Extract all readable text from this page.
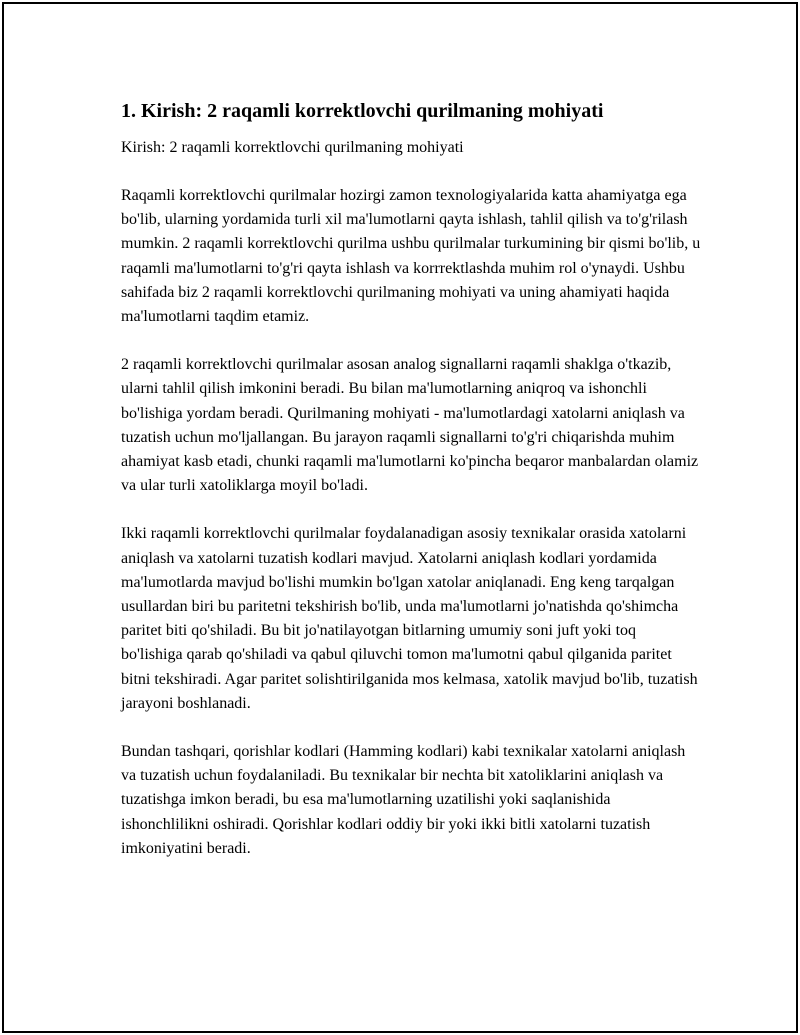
1. Kirish: 2 raqamli korrektlovchi qurilmaning mohiyati

Kirish: 2 raqamli korrektlovchi qurilmaning mohiyati

Raqamli korrektlovchi qurilmalar hozirgi zamon texnologiyalarida katta ahamiyatga ega bo'lib, ularning yordamida turli xil ma'lumotlarni qayta ishlash, tahlil qilish va to'g'rilash mumkin. 2 raqamli korrektlovchi qurilma ushbu qurilmalar turkumining bir qismi bo'lib, u raqamli ma'lumotlarni to'g'ri qayta ishlash va korrrektlashda muhim rol o'ynaydi. Ushbu sahifada biz 2 raqamli korrektlovchi qurilmaning mohiyati va uning ahamiyati haqida ma'lumotlarni taqdim etamiz.

2 raqamli korrektlovchi qurilmalar asosan analog signallarni raqamli shaklga o'tkazib, ularni tahlil qilish imkonini beradi. Bu bilan ma'lumotlarning aniqroq va ishonchli bo'lishiga yordam beradi. Qurilmaning mohiyati - ma'lumotlardagi xatolarni aniqlash va tuzatish uchun mo'ljallangan. Bu jarayon raqamli signallarni to'g'ri chiqarishda muhim ahamiyat kasb etadi, chunki raqamli ma'lumotlarni ko'pincha beqaror manbalardan olamiz va ular turli xatoliklarga moyil bo'ladi.

Ikki raqamli korrektlovchi qurilmalar foydalanadigan asosiy texnikalar orasida xatolarni aniqlash va xatolarni tuzatish kodlari mavjud. Xatolarni aniqlash kodlari yordamida ma'lumotlarda mavjud bo'lishi mumkin bo'lgan xatolar aniqlanadi. Eng keng tarqalgan usullardan biri bu paritetni tekshirish bo'lib, unda ma'lumotlarni jo'natishda qo'shimcha paritet biti qo'shiladi. Bu bit jo'natilayotgan bitlarning umumiy soni juft yoki toq bo'lishiga qarab qo'shiladi va qabul qiluvchi tomon ma'lumotni qabul qilganida paritet bitni tekshiradi. Agar paritet solishtirilganida mos kelmasa, xatolik mavjud bo'lib, tuzatish jarayoni boshlanadi.

Bundan tashqari, qorishlar kodlari (Hamming kodlari) kabi texnikalar xatolarni aniqlash va tuzatish uchun foydalaniladi. Bu texnikalar bir nechta bit xatoliklarini aniqlash va tuzatishga imkon beradi, bu esa ma'lumotlarning uzatilishi yoki saqlanishida ishonchlilikni oshiradi. Qorishlar kodlari oddiy bir yoki ikki bitli xatolarni tuzatish imkoniyatini beradi.
